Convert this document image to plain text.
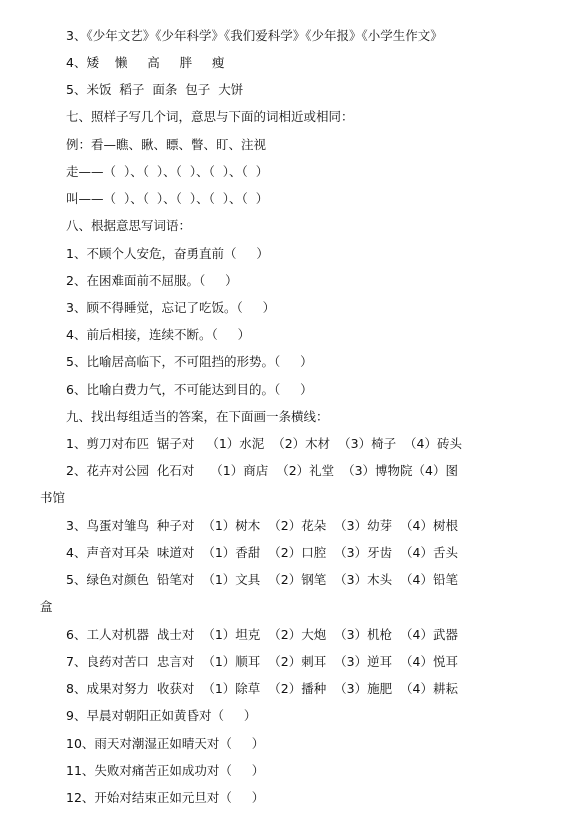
3、《少年文艺》《少年科学》《我们爱科学》《少年报》《小学生作文》
4、矮    懒     高     胖     瘦
5、米饭  稻子  面条  包子  大饼
七、照样子写几个词，意思与下面的词相近或相同：
例：看—瞧、瞅、瞟、瞥、盯、注视
走——（  ）、（  ）、（  ）、（  ）、（  ）
叫——（  ）、（  ）、（  ）、（  ）、（  ）
八、根据意思写词语：
1、不顾个人安危，奋勇直前（     ）
2、在困难面前不屈服。（     ）
3、顾不得睡觉，忘记了吃饭。（     ）
4、前后相接，连续不断。（     ）
5、比喻居高临下，不可阻挡的形势。（     ）
6、比喻白费力气，不可能达到目的。（     ）
九、找出每组适当的答案，在下面画一条横线：
1、剪刀对布匹  锯子对   （1）水泥  （2）木材  （3）椅子  （4）砖头
2、花卉对公园  化石对    （1）商店  （2）礼堂  （3）博物院（4）图
书馆
3、鸟蛋对雏鸟  种子对  （1）树木  （2）花朵  （3）幼芽  （4）树根
4、声音对耳朵  味道对  （1）香甜  （2）口腔  （3）牙齿  （4）舌头
5、绿色对颜色  铅笔对  （1）文具  （2）钢笔  （3）木头  （4）铅笔
盒
6、工人对机器  战士对  （1）坦克  （2）大炮  （3）机枪  （4）武器
7、良药对苦口  忠言对  （1）顺耳  （2）刺耳  （3）逆耳  （4）悦耳
8、成果对努力  收获对  （1）除草  （2）播种  （3）施肥  （4）耕耘
9、早晨对朝阳正如黄昏对（     ）
10、雨天对潮湿正如晴天对（     ）
11、失败对痛苦正如成功对（     ）
12、开始对结束正如元旦对（     ）
